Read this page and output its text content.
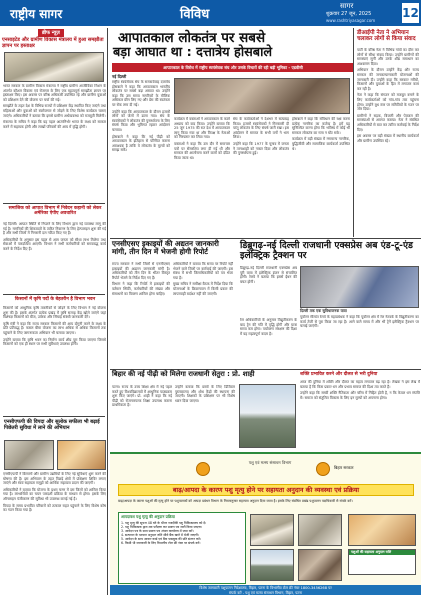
राष्ट्रीय सागर	विविध
सागर
शुक्रवार 27 जून, 2025
www.rashtriyasagar.com
12
ब्रीफ न्यूज़
एनसाइटेड और ग्रामीण विकास मंत्रालय में हुआ समझौता ज्ञापन पर हस्ताक्षर

भारत सरकार के ग्रामीण विकास मंत्रालय ने राष्ट्रीय ग्रामीण आजीविका मिशन के अंतर्गत कौशल विकास एवं रोजगार के लिए एक महत्वपूर्ण समझौता ज्ञापन पर हस्ताक्षर किए। इस अवसर पर वरिष्ठ अधिकारी उपस्थित रहे और ग्रामीण युवाओं को प्रशिक्षण देने की योजना पर चर्चा की गई।

समझौते के तहत देश के विभिन्न राज्यों में प्रशिक्षण केंद्र स्थापित किए जाएंगे तथा महिलाओं और युवाओं को स्वरोजगार से जोड़ने के लिए विशेष कार्यक्रम चलाए जाएंगे। अधिकारियों ने बताया कि इससे ग्रामीण अर्थव्यवस्था को मजबूती मिलेगी।

मंत्रालय के सचिव ने कहा कि यह पहल आत्मनिर्भर भारत के लक्ष्य को साकार करने में सहायक होगी और लाखों परिवारों की आय में वृद्धि होगी।

समाजिक को आपात विभाग में निवेदन कहानी को लेकर अमेरिका ऐपीए अवधारित

नई दिल्ली। आपात स्थिति से निपटने के लिए विभाग द्वारा नई व्यवस्था लागू की गई है। नागरिकों की शिकायतों के त्वरित निवारण के लिए हेल्पलाइन शुरू की गई है और सभी जिलों में निगरानी दल गठित किए गए हैं।

अधिकारियों के अनुसार इस पहल से आम जनता को सीधा लाभ मिलेगा तथा सेवाओं में पारदर्शिता आएगी। विभाग ने सभी कर्मचारियों को समयबद्ध कार्य करने के निर्देश दिए हैं।

किसानों में कृषि पदों के बेहतरीन है विभाग भवन

किसानों को आधुनिक कृषि तकनीकों से जोड़ने के लिए विभाग ने नई योजना शुरू की है। इसके अंतर्गत प्रत्येक प्रखंड में कृषि सलाह केंद्र खोले जाएंगे जहां विशेषज्ञ किसानों को बीज, उर्वरक और सिंचाई संबंधी जानकारी देंगे।

कृषि मंत्री ने कहा कि राज्य सरकार किसानों की आय दोगुनी करने के लक्ष्य के प्रति प्रतिबद्ध है। फसल बीमा योजना का लाभ अधिक से अधिक किसानों तक पहुंचाने के लिए जागरूकता अभियान भी चलाया जाएगा।

उन्होंने बताया कि कृषि भवन का निर्माण कार्य शीघ्र पूरा किया जाएगा जिससे किसानों को एक ही स्थान पर सभी सुविधाएं उपलब्ध होंगी।

एनसीएफपी की विपदा और सुलोक सफीला भी बढ़ाई पिछेतरी सुविधा में लाने की अभियान

एनसीएफपी ने किसानों और ग्रामीण उद्यमियों के लिए नई सुविधाएं शुरू करने की घोषणा की है। इस अभियान के तहत पिछड़े क्षेत्रों में प्रशिक्षण शिविर लगाए जाएंगे और स्वयं सहायता समूहों को आर्थिक सहायता प्रदान की जाएगी।

अधिकारियों ने बताया कि योजना के प्रथम चरण में दस जिलों को शामिल किया गया है। लाभार्थियों का चयन पारदर्शी प्रक्रिया के माध्यम से होगा। इसके लिए ऑनलाइन पंजीकरण की सुविधा भी उपलब्ध कराई गई है।

विपदा के समय प्रभावित परिवारों को तत्काल राहत पहुंचाने के लिए विशेष कोष का गठन किया गया है।

आपातकाल लोकतंत्र पर सबसे
बड़ा आघात था : दत्तात्रेय होसबाले
आपातकाल के विरोध में राष्ट्रीय स्वयंसेवक संघ और उसके विचारों की रही बड़ी भूमिका - एडवीसी
नई दिल्ली

राष्ट्रीय स्वयंसेवक संघ के सरकार्यवाह दत्तात्रेय होसबाले ने कहा कि आपातकाल भारतीय लोकतंत्र पर सबसे बड़ा आघात था। उन्होंने कहा कि उस समय नागरिकों के मौलिक अधिकार छीन लिए गए और प्रेस की स्वतंत्रता पर रोक लगा दी गई।

उन्होंने कहा कि आपातकाल के दौरान हजारों लोगों को जेलों में डाला गया। संघ के स्वयंसेवकों ने लोकतंत्र की पुनर्स्थापना के लिए संघर्ष किया और भूमिगत रहकर आंदोलन चलाया।

होसबाले ने कहा कि नई पीढ़ी को आपातकाल के इतिहास से परिचित कराना आवश्यक है ताकि वे लोकतंत्र के मूल्यों को समझ सकें।

कार्यक्रम में वक्ताओं ने आपातकाल के काले अध्याय को याद किया। उन्होंने बताया कि 25 जून 1975 की रात देश में आपातकाल लागू किया गया था और विपक्ष के नेताओं को गिरफ्तार कर लिया गया।

वक्ताओं ने कहा कि उस दौर में समाचार पत्रों पर सेंसरशिप लगा दी गई थी और सरकार की आलोचना करने वालों को दंडित किया जाता था।

संघ के कार्यकर्ताओं ने देशभर में सत्याग्रह किया। हजारों स्वयंसेवकों ने गिरफ्तारी दी परंतु लोकतंत्र के लिए संघर्ष जारी रखा। इस आंदोलन में समाज के सभी वर्गों ने भाग लिया।

उन्होंने कहा कि 1977 के चुनाव में जनता ने तानाशाही को नकार दिया और लोकतंत्र की पुनर्स्थापना हुई।

होसबाले ने कहा कि संविधान की रक्षा करना प्रत्येक नागरिक का कर्तव्य है। हमें यह सुनिश्चित करना होगा कि भविष्य में कोई भी सरकार लोकतंत्र का गला न घोंट सके।

कार्यक्रम में बड़ी संख्या में गणमान्य नागरिक, बुद्धिजीवी और सामाजिक कार्यकर्ता उपस्थित थे।

डीआईपी नेता ने अभियान चलाकर लोगों से किया संवाद

पार्टी के वरिष्ठ नेता ने विभिन्न गांवों का दौरा कर लोगों से सीधा संवाद किया। उन्होंने ग्रामीणों की समस्याएं सुनीं और उनके शीघ्र समाधान का आश्वासन दिया।

अभियान के दौरान उन्होंने केंद्र और राज्य सरकार की जनकल्याणकारी योजनाओं की जानकारी दी। उन्होंने कहा कि सरकार गरीबों, किसानों और युवाओं के हित में लगातार काम कर रही है।

नेता ने कहा कि संगठन को मजबूत बनाने के लिए कार्यकर्ताओं को गांव-गांव तक पहुंचना होगा। उन्होंने बूथ स्तर पर समितियों के गठन पर जोर दिया।

ग्रामीणों ने सड़क, बिजली और पेयजल की समस्याओं से अवगत कराया। नेता ने संबंधित अधिकारियों से बात कर त्वरित कार्रवाई के निर्देश दिए।

इस अवसर पर बड़ी संख्या में स्थानीय कार्यकर्ता और ग्रामीण उपस्थित रहे।

एनसीएसए इकाइयों की अद्यतन जानकारी मांगी, तीन दिन में भेजनी होगी रिपोर्ट

राज्य सरकार ने सभी जिलों से एनसीएसए इकाइयों की अद्यतन जानकारी मांगी है। अधिकारियों को तीन दिन के भीतर विस्तृत रिपोर्ट भेजने के निर्देश दिए गए हैं।

विभाग ने कहा कि रिपोर्ट में इकाइयों की वर्तमान स्थिति, कर्मचारियों की संख्या और संसाधनों का विवरण शामिल होना चाहिए।

अधिकारियों ने बताया कि समय पर रिपोर्ट नहीं भेजने वाले जिलों पर कार्रवाई की जाएगी। इस संबंध में सभी जिलाधिकारियों को पत्र भेजा गया है।

मुख्य सचिव ने समीक्षा बैठक में निर्देश दिया कि योजनाओं के क्रियान्वयन में किसी प्रकार की लापरवाही बर्दाश्त नहीं की जाएगी।

डिब्रूगढ़-नई दिल्ली राजधानी एक्सप्रेस अब एंड-टू-एंड इलेक्ट्रिक ट्रैक्शन पर

डिब्रूगढ़-नई दिल्ली राजधानी एक्सप्रेस अब पूरी यात्रा में इलेक्ट्रिक इंजन से संचालित होगी। रेलवे ने बताया कि इससे ईंधन की बचत होगी।

दिल्ली तक एक सुविधाजनक यात्रा

रेल अधिकारियों के अनुसार विद्युतीकरण के बाद ट्रेन की गति में वृद्धि होगी और यात्रा समय कम होगा। पर्यावरण संरक्षण की दिशा में यह महत्वपूर्ण कदम है।

पूर्वोत्तर सीमांत रेलवे के महाप्रबंधक ने कहा कि पूर्वोत्तर क्षेत्र में रेल नेटवर्क के विद्युतीकरण का कार्य तेजी से पूरा किया जा रहा है। आने वाले समय में और भी ट्रेनें इलेक्ट्रिक ट्रैक्शन पर चलाई जाएंगी।

बिहार की नई पीढ़ी को मिलेगा राजधानी सेतुरा : प्रो. शाही

पटना। राज्य के उच्च शिक्षा क्षेत्र में नई पहल करते हुए विश्वविद्यालयों में आधुनिक पाठ्यक्रम शुरू किए जाएंगे। प्रो. शाही ने कहा कि नई पीढ़ी को रोजगारपरक शिक्षा उपलब्ध कराना प्राथमिकता है।

उन्होंने बताया कि छात्रों के लिए डिजिटल पुस्तकालय और शोध केंद्रों की स्थापना की जाएगी। शिक्षकों के प्रशिक्षण पर भी विशेष ध्यान दिया जाएगा।

शक्ति प्रभावित करने और दौलत से भरी दुनिया

आज की दुनिया में शक्ति और दौलत का महत्व लगातार बढ़ रहा है। लेखक ने इस लेख में बताया है कि किस प्रकार धन और प्रभाव समाज की दिशा तय करते हैं।

उन्होंने कहा कि सच्ची शक्ति नैतिकता और चरित्र में निहित होती है, न कि केवल धन संपत्ति में। समाज को संतुलित विकास के लिए इन मूल्यों को अपनाना होगा।

पशु एवं मत्स्य संसाधन विभाग
बिहार सरकार
बाढ़/आपदा के कारण पशु मृत्यु होने पर सहायता अनुदान की व्यवस्था एवं प्रक्रिया
बाढ़/आपदा के कारण पशुओं की मृत्यु होने पर पशुपालकों को आपदा प्रबंधन विभाग के नियमानुसार सहायता अनुदान दिया जाता है। इसके लिए संबंधित प्रखंड पशुपालन पदाधिकारी से संपर्क करें।
आपदावश पशु मृत्यु की अनुदान प्रक्रिया
1. पशु मृत्यु की सूचना 48 घंटे के भीतर नजदीकी पशु चिकित्सालय को दें।
2. पशु चिकित्सक द्वारा शव परीक्षण कर प्रमाण पत्र जारी किया जाएगा।
3. आवेदन पत्र के साथ प्रमाण पत्र अंचल कार्यालय में जमा करें।
4. सत्यापन के पश्चात अनुदान राशि सीधे बैंक खाते में भेजी जाएगी।
5. आवेदन के साथ आधार कार्ड एवं बैंक पासबुक की प्रति संलग्न करें।
6. किसी भी जानकारी के लिए विभागीय टोल फ्री नंबर पर संपर्क करें।
पशुओं की सहायता अनुदान राशि
विशेष जानकारी पशुपालन निदेशालय, बिहार, पटना के विभागीय टोल फ्री नंबर 1800-3456268 पर
संपर्क करें - पशु एवं मत्स्य संसाधन विभाग, बिहार, पटना
